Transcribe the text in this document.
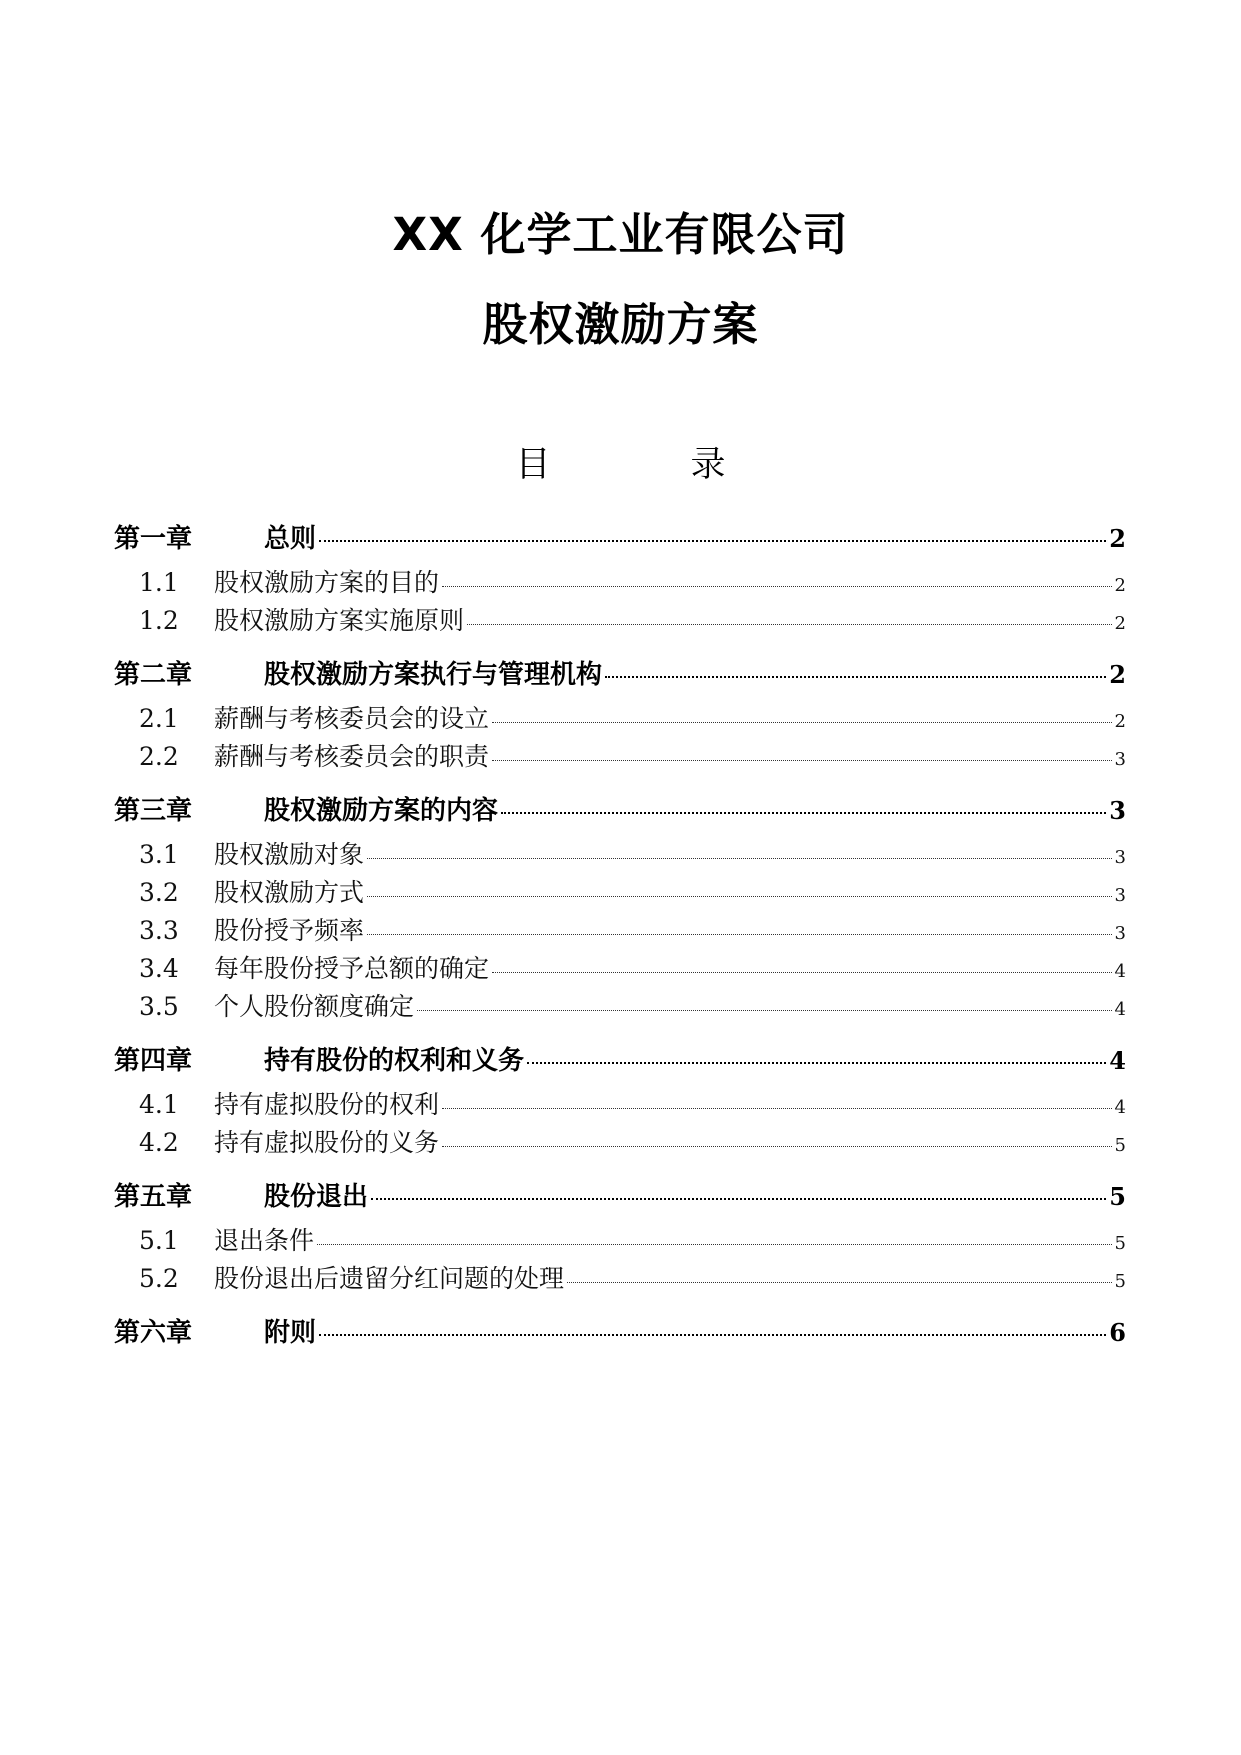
XX 化学工业有限公司
股权激励方案
目	录
第一章	总则	2
1.1	股权激励方案的目的	2
1.2	股权激励方案实施原则	2
第二章	股权激励方案执行与管理机构	2
2.1	薪酬与考核委员会的设立	2
2.2	薪酬与考核委员会的职责	3
第三章	股权激励方案的内容	3
3.1	股权激励对象	3
3.2	股权激励方式	3
3.3	股份授予频率	3
3.4	每年股份授予总额的确定	4
3.5	个人股份额度确定	4
第四章	持有股份的权利和义务	4
4.1	持有虚拟股份的权利	4
4.2	持有虚拟股份的义务	5
第五章	股份退出	5
5.1	退出条件	5
5.2	股份退出后遗留分红问题的处理	5
第六章	附则	6
